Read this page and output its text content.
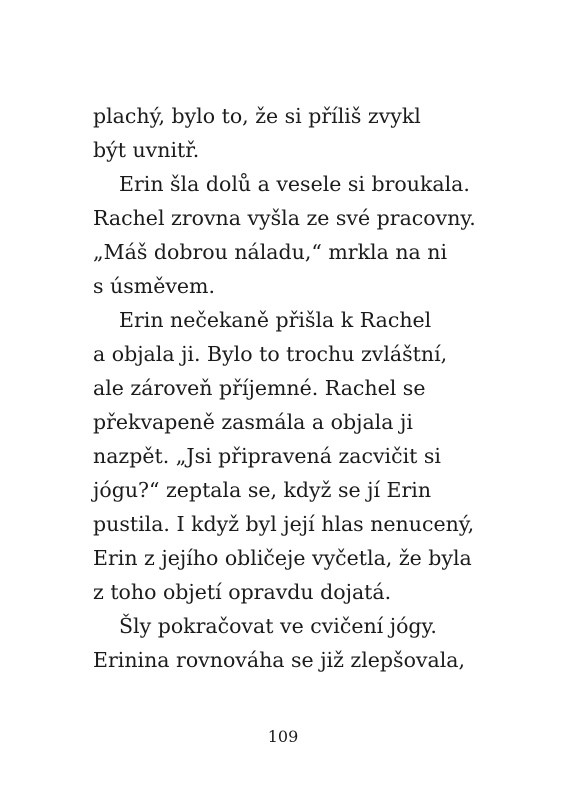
plachý, bylo to, že si příliš zvykl
být uvnitř.
Erin šla dolů a vesele si broukala.
Rachel zrovna vyšla ze své pracovny.
„Máš dobrou náladu,“ mrkla na ni
s úsměvem.
Erin nečekaně přišla k Rachel
a objala ji. Bylo to trochu zvláštní,
ale zároveň příjemné. Rachel se
překvapeně zasmála a objala ji
nazpět. „Jsi připravená zacvičit si
jógu?“ zeptala se, když se jí Erin
pustila. I když byl její hlas nenucený,
Erin z jejího obličeje vyčetla, že byla
z toho objetí opravdu dojatá.
Šly pokračovat ve cvičení jógy.
Erinina rovnováha se již zlepšovala,
109
